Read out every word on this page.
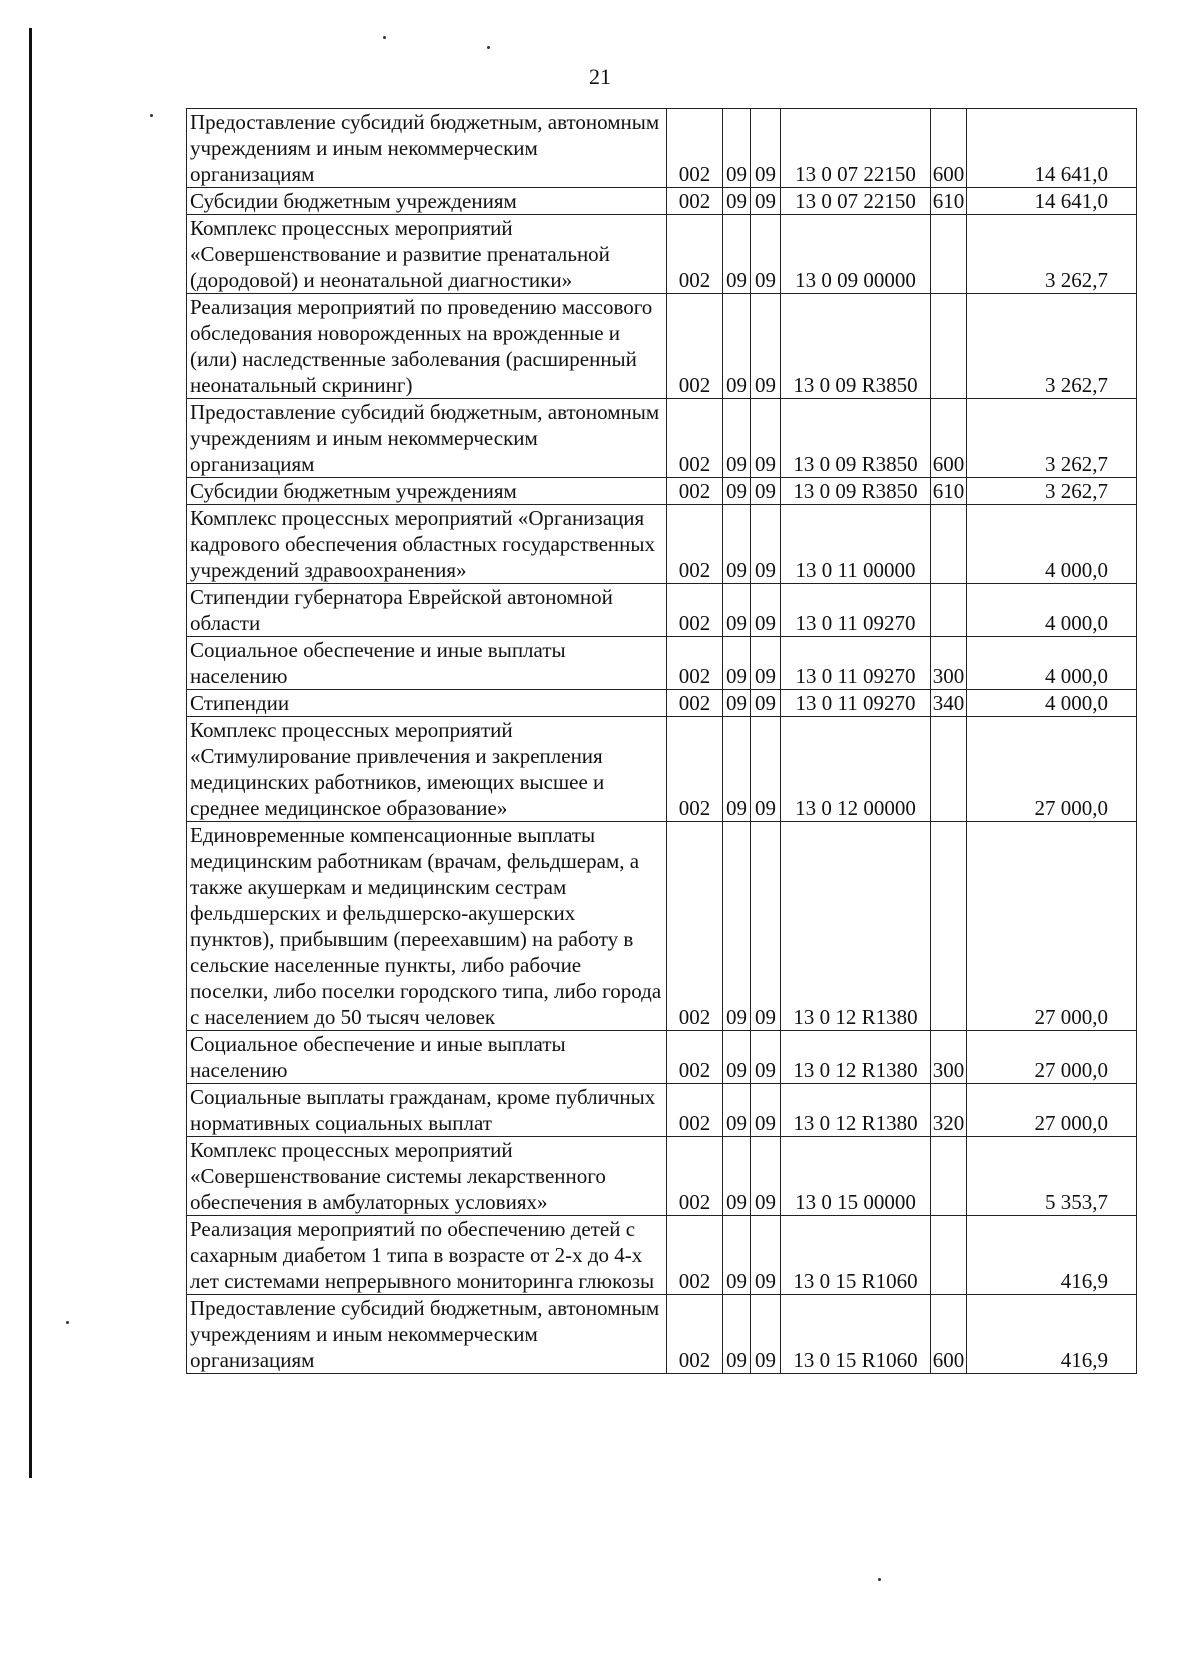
21
Предоставление субсидий бюджетным, автономным учреждениям и иным некоммерческим организациям	002	09	09	13 0 07 22150	600	14 641,0
Субсидии бюджетным учреждениям	002	09	09	13 0 07 22150	610	14 641,0
Комплекс процессных мероприятий «Совершенствование и развитие пренатальной (дородовой) и неонатальной диагностики»	002	09	09	13 0 09 00000		3 262,7
Реализация мероприятий по проведению массового обследования новорожденных на врожденные и (или) наследственные заболевания (расширенный неонатальный скрининг)	002	09	09	13 0 09 R3850		3 262,7
Предоставление субсидий бюджетным, автономным учреждениям и иным некоммерческим организациям	002	09	09	13 0 09 R3850	600	3 262,7
Субсидии бюджетным учреждениям	002	09	09	13 0 09 R3850	610	3 262,7
Комплекс процессных мероприятий «Организация кадрового обеспечения областных государственных учреждений здравоохранения»	002	09	09	13 0 11 00000		4 000,0
Стипендии губернатора Еврейской автономной области	002	09	09	13 0 11 09270		4 000,0
Социальное обеспечение и иные выплаты населению	002	09	09	13 0 11 09270	300	4 000,0
Стипендии	002	09	09	13 0 11 09270	340	4 000,0
Комплекс процессных мероприятий «Стимулирование привлечения и закрепления медицинских работников, имеющих высшее и среднее медицинское образование»	002	09	09	13 0 12 00000		27 000,0
Единовременные компенсационные выплаты медицинским работникам (врачам, фельдшерам, а также акушеркам и медицинским сестрам фельдшерских и фельдшерско-акушерских пунктов), прибывшим (переехавшим) на работу в сельские населенные пункты, либо рабочие поселки, либо поселки городского типа, либо города с населением до 50 тысяч человек	002	09	09	13 0 12 R1380		27 000,0
Социальное обеспечение и иные выплаты населению	002	09	09	13 0 12 R1380	300	27 000,0
Социальные выплаты гражданам, кроме публичных нормативных социальных выплат	002	09	09	13 0 12 R1380	320	27 000,0
Комплекс процессных мероприятий «Совершенствование системы лекарственного обеспечения в амбулаторных условиях»	002	09	09	13 0 15 00000		5 353,7
Реализация мероприятий по обеспечению детей с сахарным диабетом 1 типа в возрасте от 2-х до 4-х лет системами непрерывного мониторинга глюкозы	002	09	09	13 0 15 R1060		416,9
Предоставление субсидий бюджетным, автономным учреждениям и иным некоммерческим организациям	002	09	09	13 0 15 R1060	600	416,9
